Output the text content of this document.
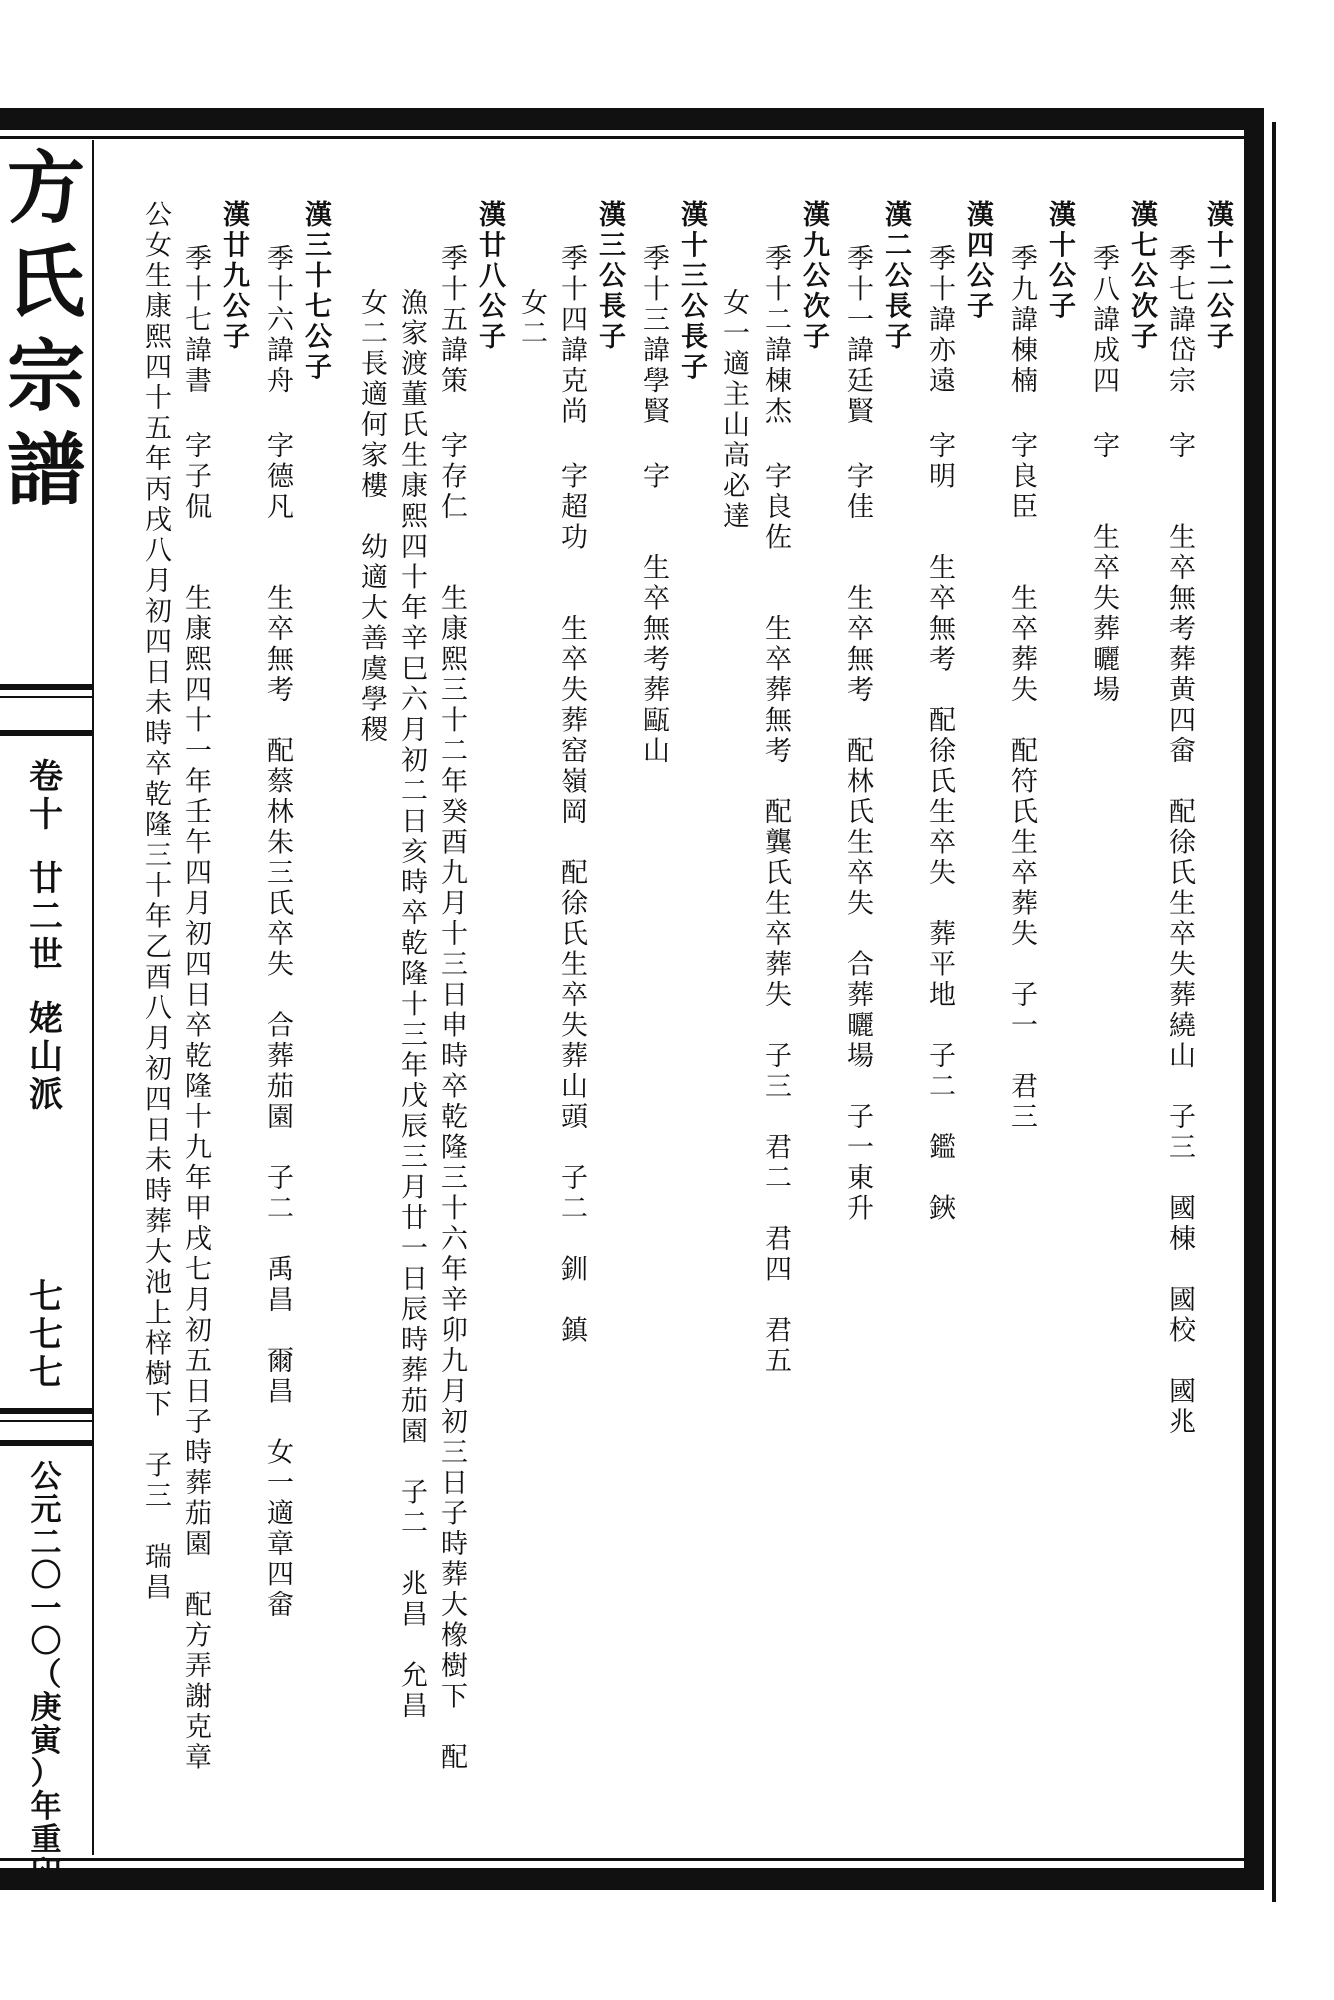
方
氏
宗
譜
卷
十

廿
二
世

姥
山
派
七
七
七
公
元
二
〇
一
〇
（
庚
寅
）
年
重
印
漢十二公子
季七諱岱宗 字　　生卒無考葬黄四畲　配徐氏生卒失葬繞山　子三　國棟　國校　國兆
漢七公次子
季八諱成四 字　　生卒失葬曬場
漢十公子
季九諱棟楠 字良臣　　生卒葬失　配符氏生卒葬失　子一　君三
漢四公子
季十諱亦遠 字明　　生卒無考　配徐氏生卒失　葬平地　子二　鑑　鋏
漢二公長子
季十一諱廷賢 字佳　　生卒無考　配林氏生卒失　合葬曬場　子一東升
漢九公次子
季十二諱棟杰 字良佐　　生卒葬無考　配龔氏生卒葬失　子三　君二　君四　君五
女一適主山高必達
漢十三公長子
季十三諱學賢 字　　生卒無考葬甌山
漢三公長子
季十四諱克尚 字超功　　生卒失葬窑嶺岡　配徐氏生卒失葬山頭　子二　釧　鎮
女二
漢廿八公子
季十五諱策 字存仁　　生康熙三十二年癸酉九月十三日申時卒乾隆三十六年辛卯九月初三日子時葬大橡樹下　配
漁家渡董氏生康熙四十年辛巳六月初二日亥時卒乾隆十三年戊辰三月廿一日辰時葬茄園　子二　兆昌　允昌
女二長適何家樓　幼適大善虞學稷
漢三十七公子
季十六諱舟 字德凡　　生卒無考　配蔡林朱三氏卒失　合葬茄園　子二　禹昌　爾昌　女一適章四畲
漢廿九公子
季十七諱書 字子侃　　生康熙四十一年壬午四月初四日卒乾隆十九年甲戌七月初五日子時葬茄園　配方弄謝克章
公女生康熙四十五年丙戌八月初四日未時卒乾隆三十年乙酉八月初四日未時葬大池上梓樹下　子三　瑞昌
